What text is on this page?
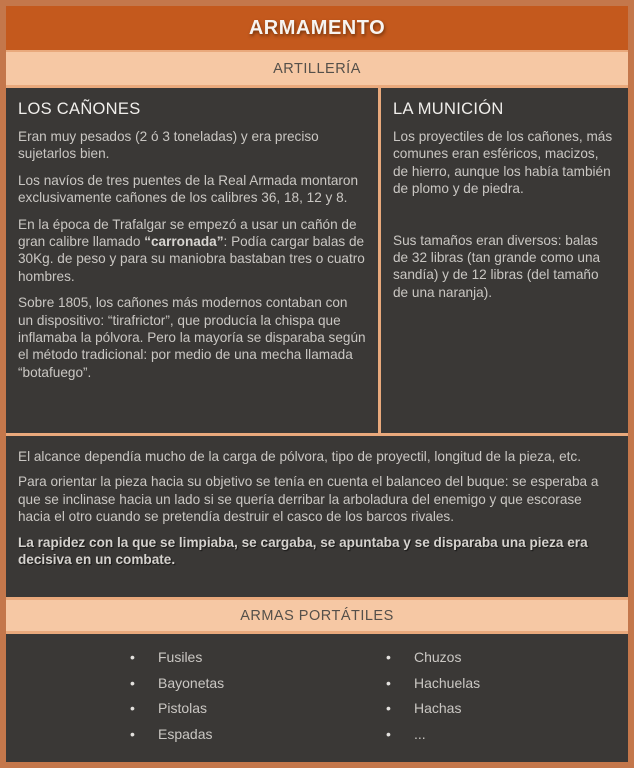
ARMAMENTO
ARTILLERÍA
LOS CAÑONES

Eran muy pesados (2 ó 3 toneladas) y era preciso sujetarlos bien.

Los navíos de tres puentes de la Real Armada montaron exclusivamente cañones de los calibres 36, 18, 12 y 8.

En la época de Trafalgar se empezó a usar un cañón de gran calibre llamado “carronada”: Podía cargar balas de 30Kg. de peso y para su maniobra bastaban tres o cuatro hombres.

Sobre 1805, los cañones más modernos contaban con un dispositivo: “tirafrictor”, que producía la chispa que inflamaba la pólvora. Pero la mayoría se disparaba según el método tradicional: por medio de una mecha llamada “botafuego”.

LA MUNICIÓN

Los proyectiles de los cañones, más comunes eran esféricos, macizos, de hierro, aunque los había también de plomo y de piedra.

Sus tamaños eran diversos: balas de 32 libras (tan grande como una sandía) y de 12 libras (del tamaño de una naranja).

El alcance dependía mucho de la carga de pólvora, tipo de proyectil, longitud de la pieza, etc.

Para orientar la pieza hacia su objetivo se tenía en cuenta el balanceo del buque: se esperaba a que se inclinase hacia un lado si se quería derribar la arboladura del enemigo y que escorase hacia el otro cuando se pretendía destruir el casco de los barcos rivales.

La rapidez con la que se limpiaba, se cargaba, se apuntaba y se disparaba una pieza era decisiva en un combate.

ARMAS PORTÁTILES
• Fusiles
• Bayonetas
• Pistolas
• Espadas
• Chuzos
• Hachuelas
• Hachas
• ...
